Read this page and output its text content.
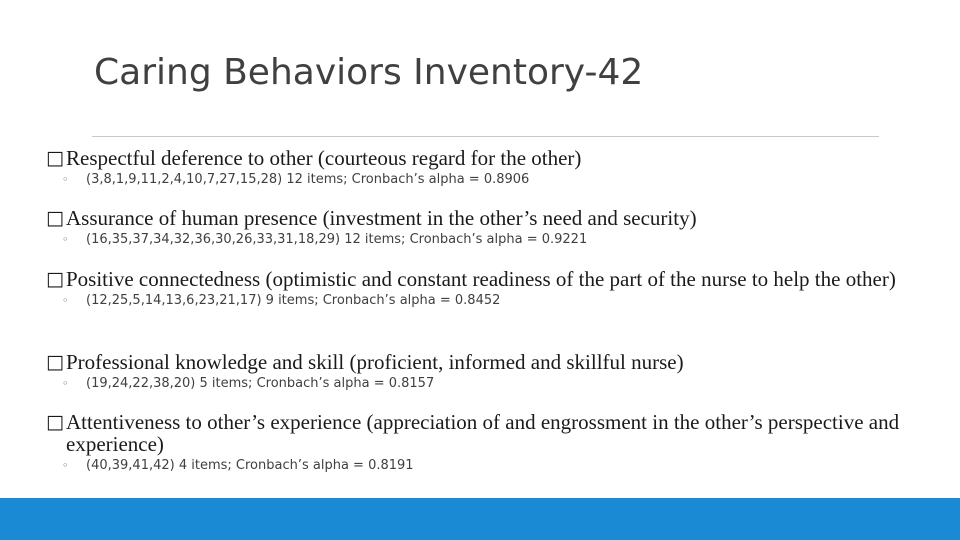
Caring Behaviors Inventory-42
□ Respectful deference to other (courteous regard for the other)
◦	(3,8,1,9,11,2,4,10,7,27,15,28) 12 items; Cronbach’s alpha = 0.8906
□ Assurance of human presence (investment in the other’s need and security)
◦	(16,35,37,34,32,36,30,26,33,31,18,29) 12 items; Cronbach’s alpha = 0.9221
□ Positive connectedness (optimistic and constant readiness of the part of the nurse to help the other)
◦	(12,25,5,14,13,6,23,21,17) 9 items; Cronbach’s alpha = 0.8452
□ Professional knowledge and skill (proficient, informed and skillful nurse)
◦	(19,24,22,38,20) 5 items; Cronbach’s alpha = 0.8157
□ Attentiveness to other’s experience (appreciation of and engrossment in the other’s perspective and experience)
◦	(40,39,41,42) 4 items; Cronbach’s alpha = 0.8191
